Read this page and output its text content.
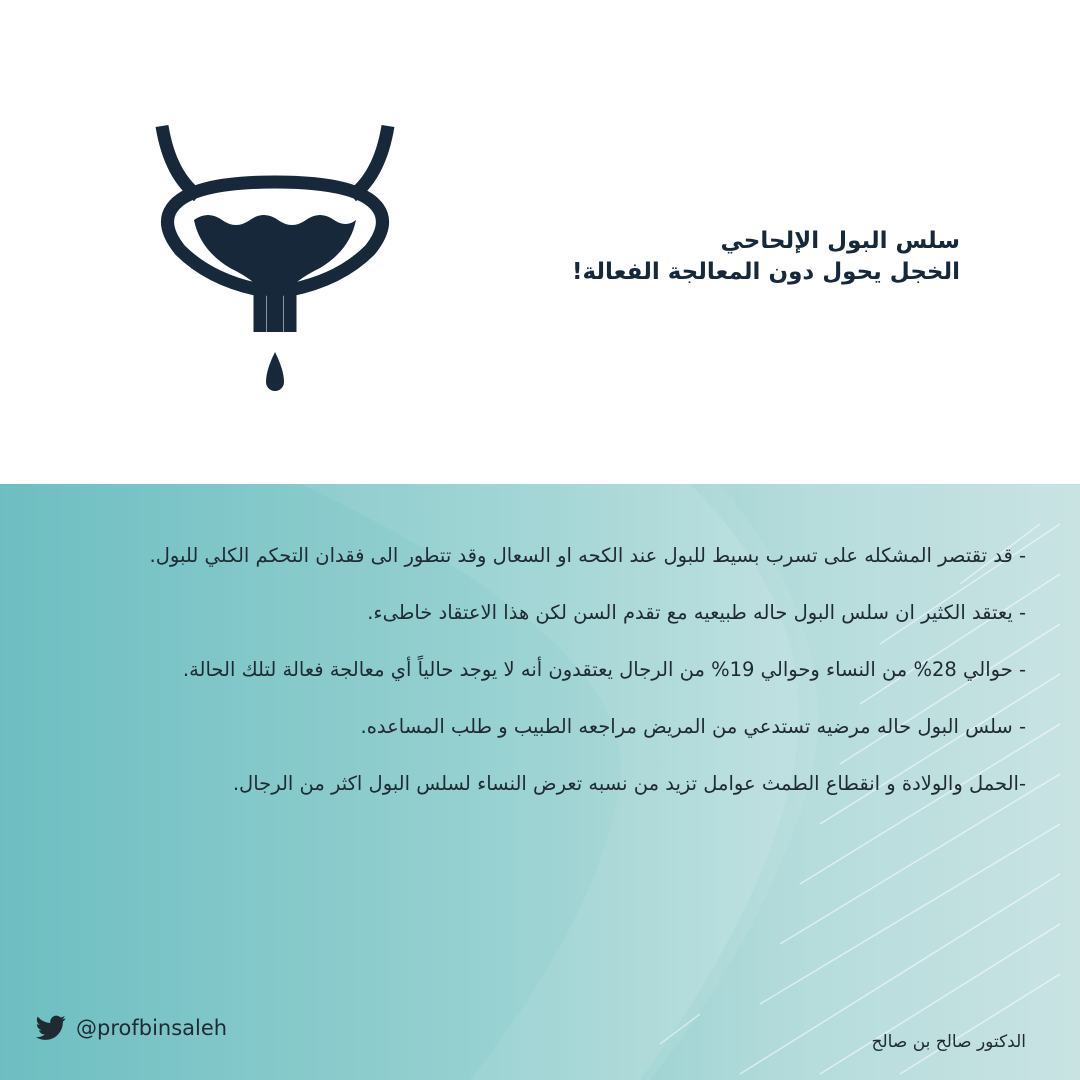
سلس البول الإلحاحي
الخجل يحول دون المعالجة الفعالة!

- قد تقتصر المشكله على تسرب بسيط للبول عند الكحه او السعال وقد تتطور الى فقدان التحكم الكلي للبول.

- يعتقد الكثير ان سلس البول حاله طبيعيه مع تقدم السن لكن هذا الاعتقاد خاطىء.

- حوالي 28% من النساء وحوالي 19% من الرجال يعتقدون أنه لا يوجد حالياً أي معالجة فعالة لتلك الحالة.

- سلس البول حاله مرضيه تستدعي من المريض مراجعه الطبيب و طلب المساعده.

-الحمل والولادة و انقطاع الطمث عوامل تزيد من نسبه تعرض النساء لسلس البول اكثر من الرجال.

@profbinsaleh
الدكتور صالح بن صالح
